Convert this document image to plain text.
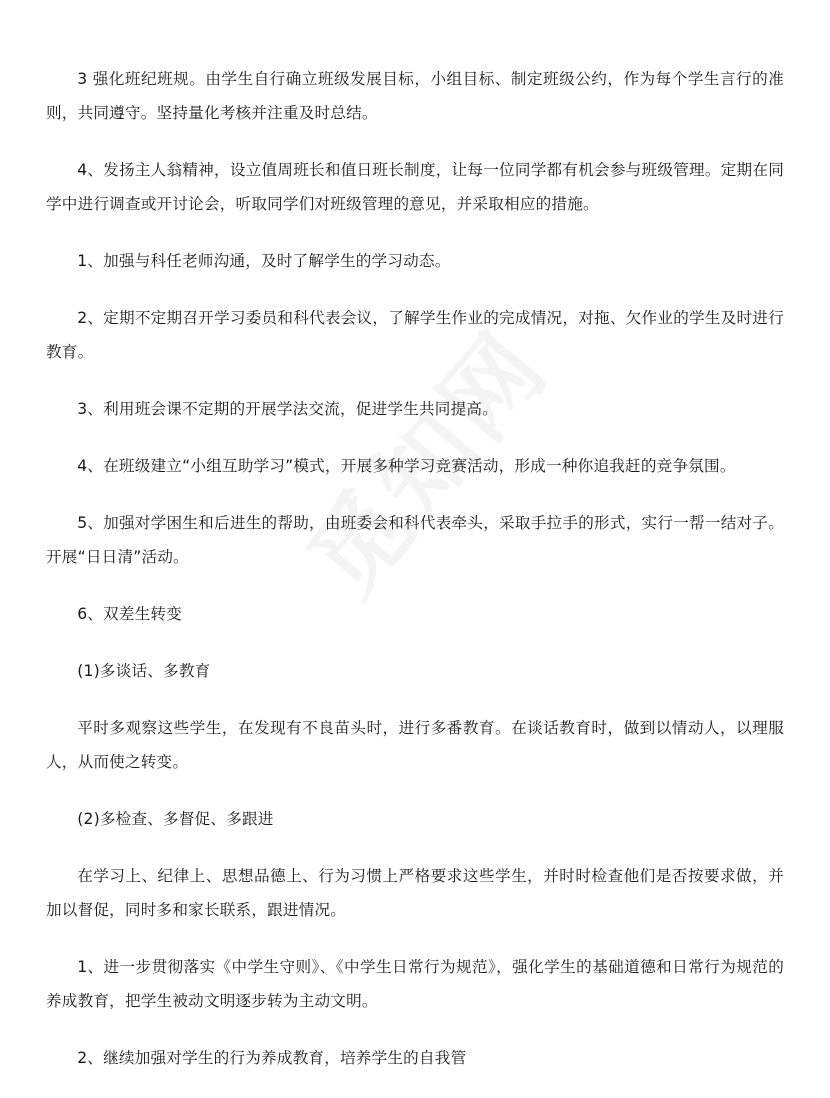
3 强化班纪班规。由学生自行确立班级发展目标，小组目标、制定班级公约，作为每个学生言行的准则，共同遵守。坚持量化考核并注重及时总结。

4、发扬主人翁精神，设立值周班长和值日班长制度，让每一位同学都有机会参与班级管理。定期在同学中进行调查或开讨论会，听取同学们对班级管理的意见，并采取相应的措施。

1、加强与科任老师沟通，及时了解学生的学习动态。

2、定期不定期召开学习委员和科代表会议，了解学生作业的完成情况，对拖、欠作业的学生及时进行教育。

3、利用班会课不定期的开展学法交流，促进学生共同提高。

4、在班级建立“小组互助学习”模式，开展多种学习竞赛活动，形成一种你追我赶的竞争氛围。

5、加强对学困生和后进生的帮助，由班委会和科代表牵头，采取手拉手的形式，实行一帮一结对子。开展“日日清”活动。

6、双差生转变

(1)多谈话、多教育

平时多观察这些学生，在发现有不良苗头时，进行多番教育。在谈话教育时，做到以情动人，以理服人，从而使之转变。

(2)多检查、多督促、多跟进

在学习上、纪律上、思想品德上、行为习惯上严格要求这些学生，并时时检查他们是否按要求做，并加以督促，同时多和家长联系，跟进情况。

1、进一步贯彻落实《中学生守则》、《中学生日常行为规范》，强化学生的基础道德和日常行为规范的养成教育，把学生被动文明逐步转为主动文明。

2、继续加强对学生的行为养成教育，培养学生的自我管
